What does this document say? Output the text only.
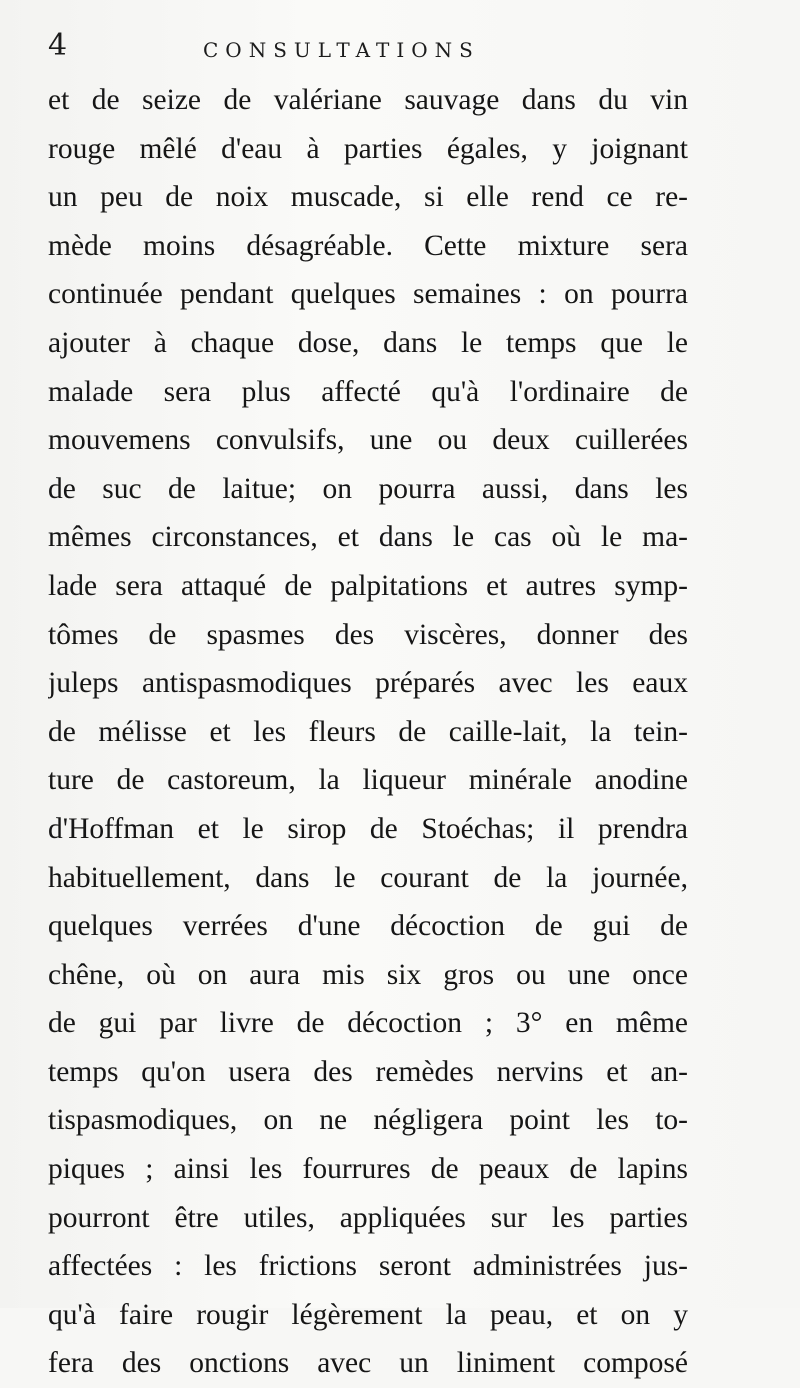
4	CONSULTATIONS
et de seize de valériane sauvage dans du vin
rouge mêlé d'eau à parties égales, y joignant
un peu de noix muscade, si elle rend ce re-
mède moins désagréable. Cette mixture sera
continuée pendant quelques semaines : on pourra
ajouter à chaque dose, dans le temps que le
malade sera plus affecté qu'à l'ordinaire de
mouvemens convulsifs, une ou deux cuillerées
de suc de laitue; on pourra aussi, dans les
mêmes circonstances, et dans le cas où le ma-
lade sera attaqué de palpitations et autres symp-
tômes de spasmes des viscères, donner des
juleps antispasmodiques préparés avec les eaux
de mélisse et les fleurs de caille-lait, la tein-
ture de castoreum, la liqueur minérale anodine
d'Hoffman et le sirop de Stoéchas; il prendra
habituellement, dans le courant de la journée,
quelques verrées d'une décoction de gui de
chêne, où on aura mis six gros ou une once
de gui par livre de décoction ; 3° en même
temps qu'on usera des remèdes nervins et an-
tispasmodiques, on ne négligera point les to-
piques ; ainsi les fourrures de peaux de lapins
pourront être utiles, appliquées sur les parties
affectées : les frictions seront administrées jus-
qu'à faire rougir légèrement la peau, et on y
fera des onctions avec un liniment composé
